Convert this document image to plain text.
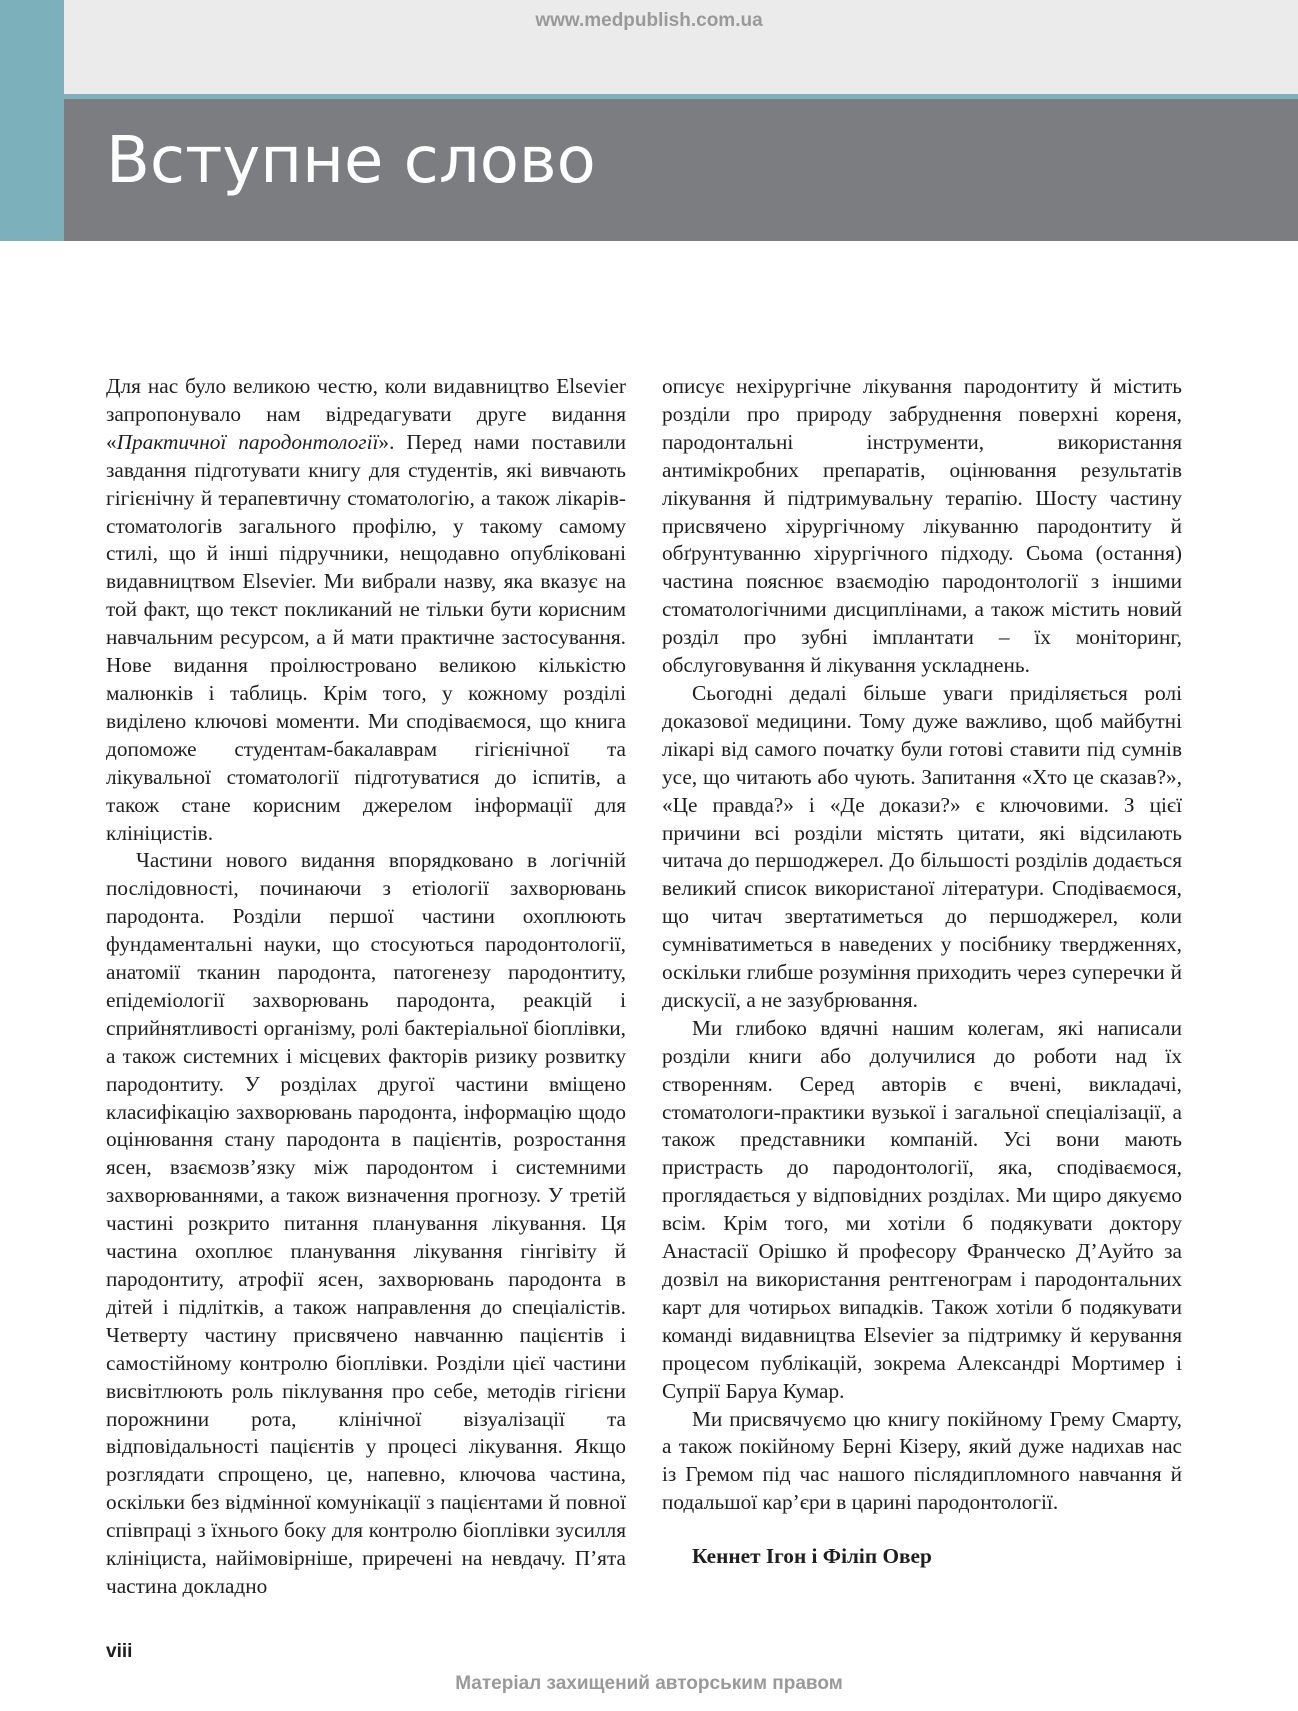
www.medpublish.com.ua
Вступне слово

Для нас було великою честю, коли видавництво Elsevier запропонувало нам відредагувати друге видання «Практичної пародонтології». Перед нами поставили завдання підготувати книгу для студентів, які вивчають гігієнічну й терапевтичну стоматологію, а також лікарів-стоматологів загального профілю, у такому самому стилі, що й інші підручники, нещодавно опубліковані видавництвом Elsevier. Ми вибрали назву, яка вказує на той факт, що текст покликаний не тільки бути корисним навчальним ресурсом, а й мати практичне застосування. Нове видання проілюстровано великою кількістю малюнків і таблиць. Крім того, у кожному розділі виділено ключові моменти. Ми сподіваємося, що книга допоможе студентам-бакалаврам гігієнічної та лікувальної стоматології підготуватися до іспитів, а також стане корисним джерелом інформації для клініцистів.

Частини нового видання впорядковано в логічній послідовності, починаючи з етіології захворювань пародонта. Розділи першої частини охоплюють фундаментальні науки, що стосуються пародонтології, анатомії тканин пародонта, патогенезу пародонтиту, епідеміології захворювань пародонта, реакцій і сприйнятливості організму, ролі бактеріальної біоплівки, а також системних і місцевих факторів ризику розвитку пародонтиту. У розділах другої частини вміщено класифікацію захворювань пародонта, інформацію щодо оцінювання стану пародонта в пацієнтів, розростання ясен, взаємозв’язку між пародонтом і системними захворюваннями, а також визначення прогнозу. У третій частині розкрито питання планування лікування. Ця частина охоплює планування лікування гінгівіту й пародонтиту, атрофії ясен, захворювань пародонта в дітей і підлітків, а також направлення до спеціалістів. Четверту частину присвячено навчанню пацієнтів і самостійному контролю біоплівки. Розділи цієї частини висвітлюють роль піклування про себе, методів гігієни порожнини рота, клінічної візуалізації та відповідальності пацієнтів у процесі лікування. Якщо розглядати спрощено, це, напевно, ключова частина, оскільки без відмінної комунікації з пацієнтами й повної співпраці з їхнього боку для контролю біоплівки зусилля клініциста, найімовірніше, приречені на невдачу. П’ята частина докладно

описує нехірургічне лікування пародонтиту й містить розділи про природу забруднення поверхні кореня, пародонтальні інструменти, використання антимікробних препаратів, оцінювання результатів лікування й підтримувальну терапію. Шосту частину присвячено хірургічному лікуванню пародонтиту й обґрунтуванню хірургічного підходу. Сьома (остання) частина пояснює взаємодію пародонтології з іншими стоматологічними дисциплінами, а також містить новий розділ про зубні імплантати – їх моніторинг, обслуговування й лікування ускладнень.

Сьогодні дедалі більше уваги приділяється ролі доказової медицини. Тому дуже важливо, щоб майбутні лікарі від самого початку були готові ставити під сумнів усе, що читають або чують. Запитання «Хто це сказав?», «Це правда?» і «Де докази?» є ключовими. З цієї причини всі розділи містять цитати, які відсилають читача до першоджерел. До більшості розділів додається великий список використаної літератури. Сподіваємося, що читач звертатиметься до першоджерел, коли сумніватиметься в наведених у посібнику твердженнях, оскільки глибше розуміння приходить через суперечки й дискусії, а не зазубрювання.

Ми глибоко вдячні нашим колегам, які написали розділи книги або долучилися до роботи над їх створенням. Серед авторів є вчені, викладачі, стоматологи-практики вузької і загальної спеціалізації, а також представники компаній. Усі вони мають пристрасть до пародонтології, яка, сподіваємося, проглядається у відповідних розділах. Ми щиро дякуємо всім. Крім того, ми хотіли б подякувати доктору Анастасії Орішко й професору Франческо Д’Ауйто за дозвіл на використання рентгенограм і пародонтальних карт для чотирьох випадків. Також хотіли б подякувати команді видавництва Elsevier за підтримку й керування процесом публікацій, зокрема Александрі Мортимер і Супрії Баруа Кумар.

Ми присвячуємо цю книгу покійному Грему Смарту, а також покійному Берні Кізеру, який дуже надихав нас із Гремом під час нашого післядипломного навчання й подальшої кар’єри в царині пародонтології.

Кеннет Ігон і Філіп Овер

viii
Матеріал захищений авторським правом
